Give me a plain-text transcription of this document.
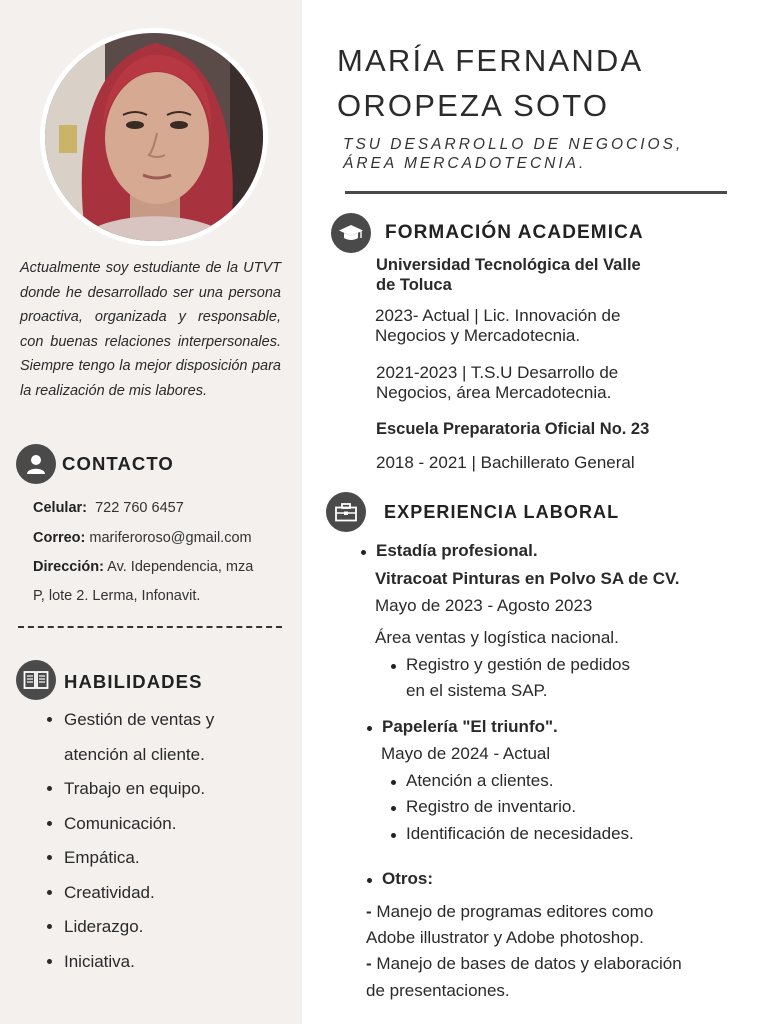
Actualmente soy estudiante de la UTVT donde he desarrollado ser una persona proactiva, organizada y responsable, con buenas relaciones interpersonales. Siempre tengo la mejor disposición para la realización de mis labores.
CONTACTO
Celular: 722 760 6457
Correo: mariferoroso@gmail.com
Dirección: Av. Idependencia, mza
P, lote 2. Lerma, Infonavit.
HABILIDADES
• Gestión de ventas y
atención al cliente.
• Trabajo en equipo.
• Comunicación.
• Empática.
• Creatividad.
• Liderazgo.
• Iniciativa.
MARÍA FERNANDA
OROPEZA SOTO
TSU DESARROLLO DE NEGOCIOS,
ÁREA MERCADOTECNIA.
FORMACIÓN ACADEMICA
Universidad Tecnológica del Valle
de Toluca
2023- Actual | Lic. Innovación de
Negocios y Mercadotecnia.
2021-2023 | T.S.U Desarrollo de
Negocios, área Mercadotecnia.
Escuela Preparatoria Oficial No. 23
2018 - 2021 | Bachillerato General
EXPERIENCIA LABORAL
Estadía profesional.
Vitracoat Pinturas en Polvo SA de CV.
Mayo de 2023 - Agosto 2023
Área ventas y logística nacional.
Registro y gestión de pedidos
en el sistema SAP.
Papelería "El triunfo".
Mayo de 2024 - Actual
Atención a clientes.
Registro de inventario.
Identificación de necesidades.
Otros:
- Manejo de programas editores como
Adobe illustrator y Adobe photoshop.
- Manejo de bases de datos y elaboración
de presentaciones.
